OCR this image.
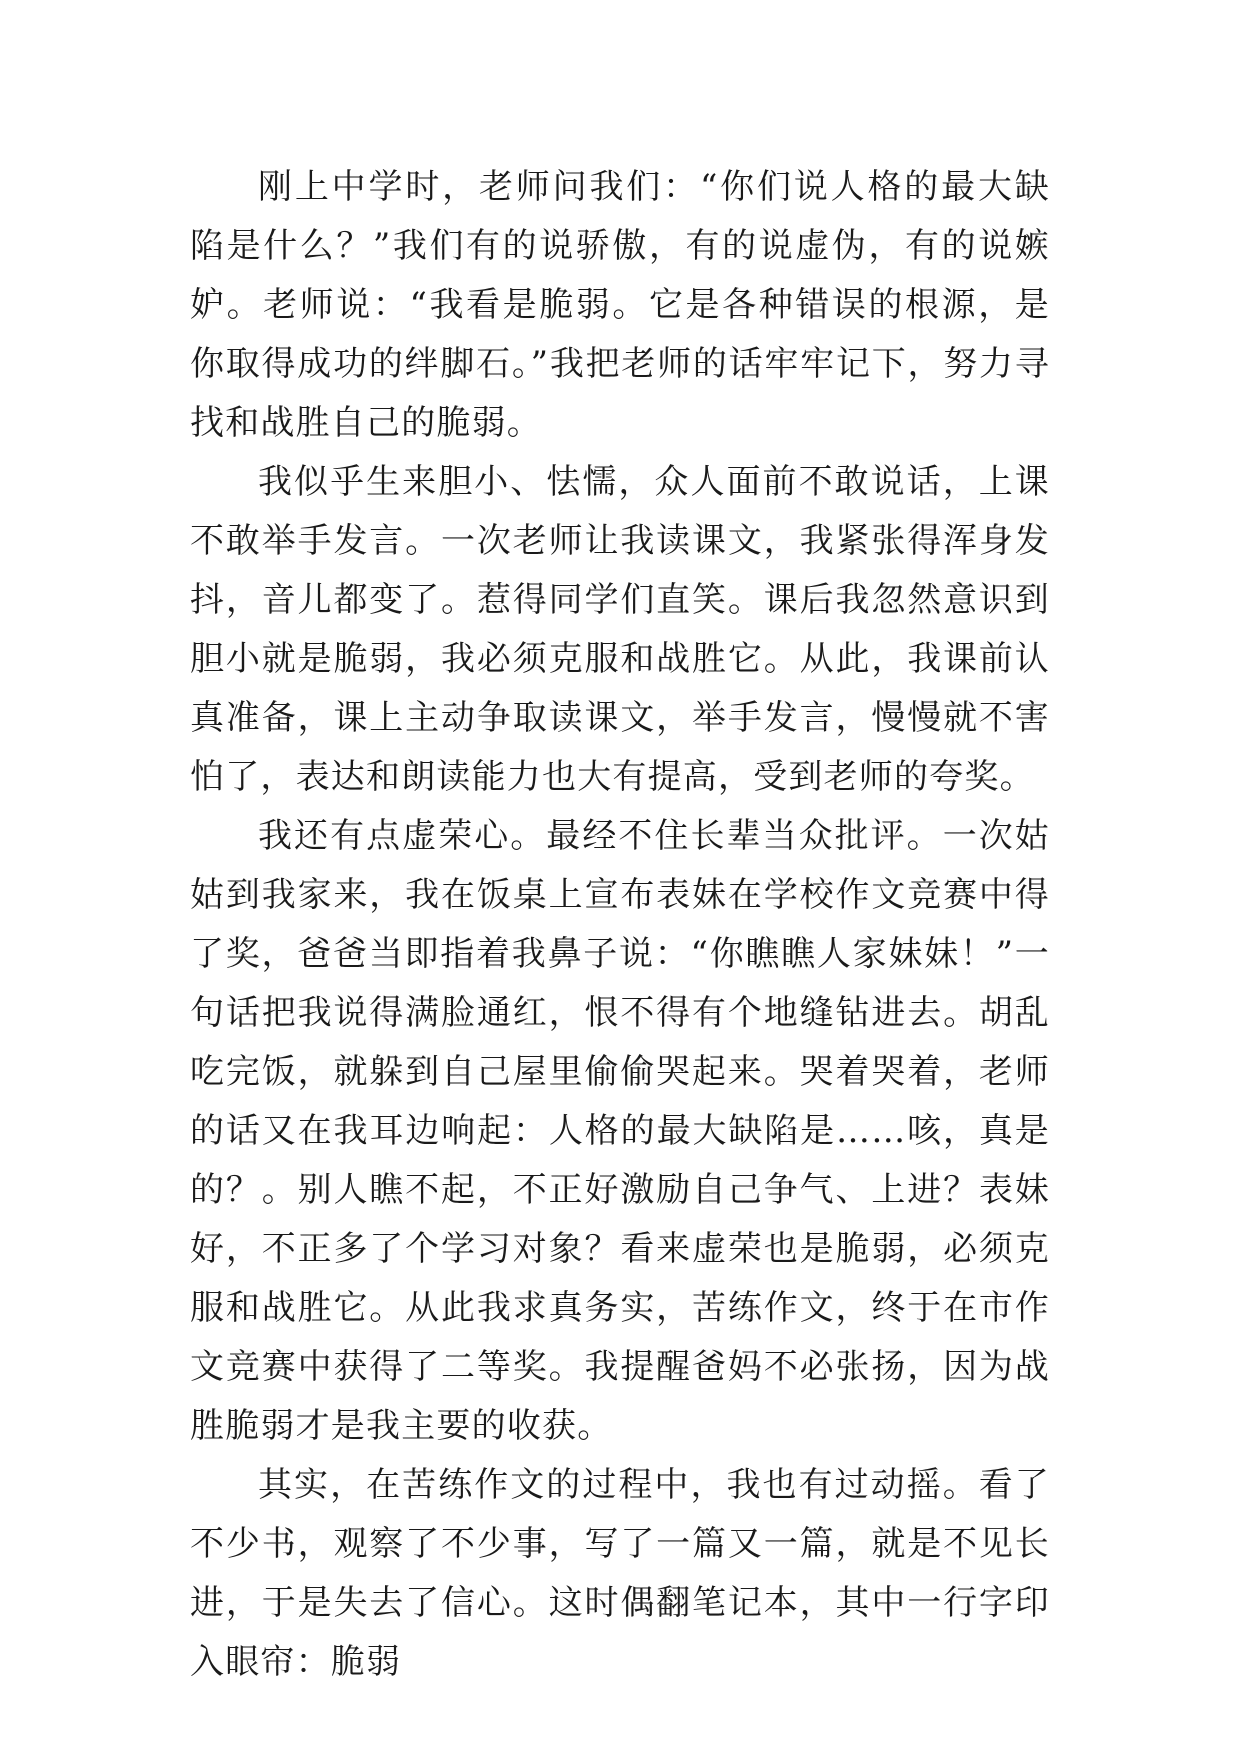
刚上中学时，老师问我们：“你们说人格的最大缺陷是什么？”我们有的说骄傲，有的说虚伪，有的说嫉妒。老师说：“我看是脆弱。它是各种错误的根源，是你取得成功的绊脚石。”我把老师的话牢牢记下，努力寻找和战胜自己的脆弱。

我似乎生来胆小、怯懦，众人面前不敢说话，上课不敢举手发言。一次老师让我读课文，我紧张得浑身发抖，音儿都变了。惹得同学们直笑。课后我忽然意识到胆小就是脆弱，我必须克服和战胜它。从此，我课前认真准备，课上主动争取读课文，举手发言，慢慢就不害怕了，表达和朗读能力也大有提高，受到老师的夸奖。

我还有点虚荣心。最经不住长辈当众批评。一次姑姑到我家来，我在饭桌上宣布表妹在学校作文竞赛中得了奖，爸爸当即指着我鼻子说：“你瞧瞧人家妹妹！”一句话把我说得满脸通红，恨不得有个地缝钻进去。胡乱吃完饭，就躲到自己屋里偷偷哭起来。哭着哭着，老师的话又在我耳边响起：人格的最大缺陷是……咳，真是的？。别人瞧不起，不正好激励自己争气、上进？表妹好，不正多了个学习对象？看来虚荣也是脆弱，必须克服和战胜它。从此我求真务实，苦练作文，终于在市作文竞赛中获得了二等奖。我提醒爸妈不必张扬，因为战胜脆弱才是我主要的收获。

其实，在苦练作文的过程中，我也有过动摇。看了不少书，观察了不少事，写了一篇又一篇，就是不见长进，于是失去了信心。这时偶翻笔记本，其中一行字印入眼帘：脆弱
